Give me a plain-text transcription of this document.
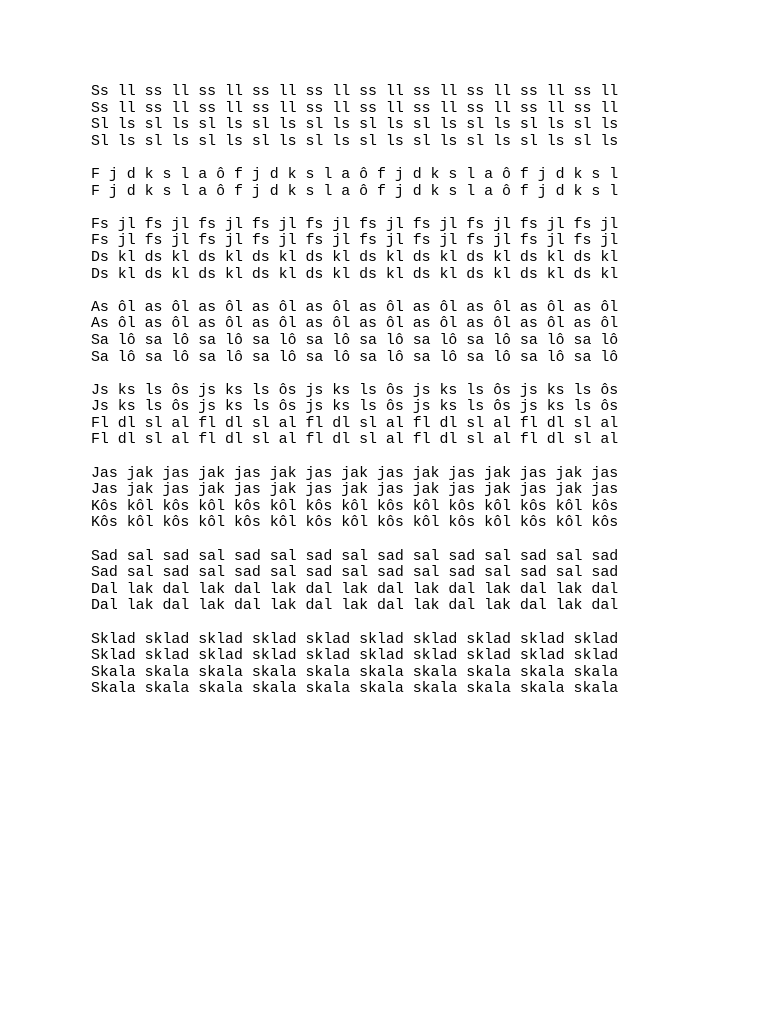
Ss ll ss ll ss ll ss ll ss ll ss ll ss ll ss ll ss ll ss ll
Ss ll ss ll ss ll ss ll ss ll ss ll ss ll ss ll ss ll ss ll
Sl ls sl ls sl ls sl ls sl ls sl ls sl ls sl ls sl ls sl ls
Sl ls sl ls sl ls sl ls sl ls sl ls sl ls sl ls sl ls sl ls
F j d k s l a ô f j d k s l a ô f j d k s l a ô f j d k s l
F j d k s l a ô f j d k s l a ô f j d k s l a ô f j d k s l
Fs jl fs jl fs jl fs jl fs jl fs jl fs jl fs jl fs jl fs jl
Fs jl fs jl fs jl fs jl fs jl fs jl fs jl fs jl fs jl fs jl
Ds kl ds kl ds kl ds kl ds kl ds kl ds kl ds kl ds kl ds kl
Ds kl ds kl ds kl ds kl ds kl ds kl ds kl ds kl ds kl ds kl
As ôl as ôl as ôl as ôl as ôl as ôl as ôl as ôl as ôl as ôl
As ôl as ôl as ôl as ôl as ôl as ôl as ôl as ôl as ôl as ôl
Sa lô sa lô sa lô sa lô sa lô sa lô sa lô sa lô sa lô sa lô
Sa lô sa lô sa lô sa lô sa lô sa lô sa lô sa lô sa lô sa lô
Js ks ls ôs js ks ls ôs js ks ls ôs js ks ls ôs js ks ls ôs
Js ks ls ôs js ks ls ôs js ks ls ôs js ks ls ôs js ks ls ôs
Fl dl sl al fl dl sl al fl dl sl al fl dl sl al fl dl sl al
Fl dl sl al fl dl sl al fl dl sl al fl dl sl al fl dl sl al
Jas jak jas jak jas jak jas jak jas jak jas jak jas jak jas
Jas jak jas jak jas jak jas jak jas jak jas jak jas jak jas
Kôs kôl kôs kôl kôs kôl kôs kôl kôs kôl kôs kôl kôs kôl kôs
Kôs kôl kôs kôl kôs kôl kôs kôl kôs kôl kôs kôl kôs kôl kôs
Sad sal sad sal sad sal sad sal sad sal sad sal sad sal sad
Sad sal sad sal sad sal sad sal sad sal sad sal sad sal sad
Dal lak dal lak dal lak dal lak dal lak dal lak dal lak dal
Dal lak dal lak dal lak dal lak dal lak dal lak dal lak dal
Sklad sklad sklad sklad sklad sklad sklad sklad sklad sklad
Sklad sklad sklad sklad sklad sklad sklad sklad sklad sklad
Skala skala skala skala skala skala skala skala skala skala
Skala skala skala skala skala skala skala skala skala skala
